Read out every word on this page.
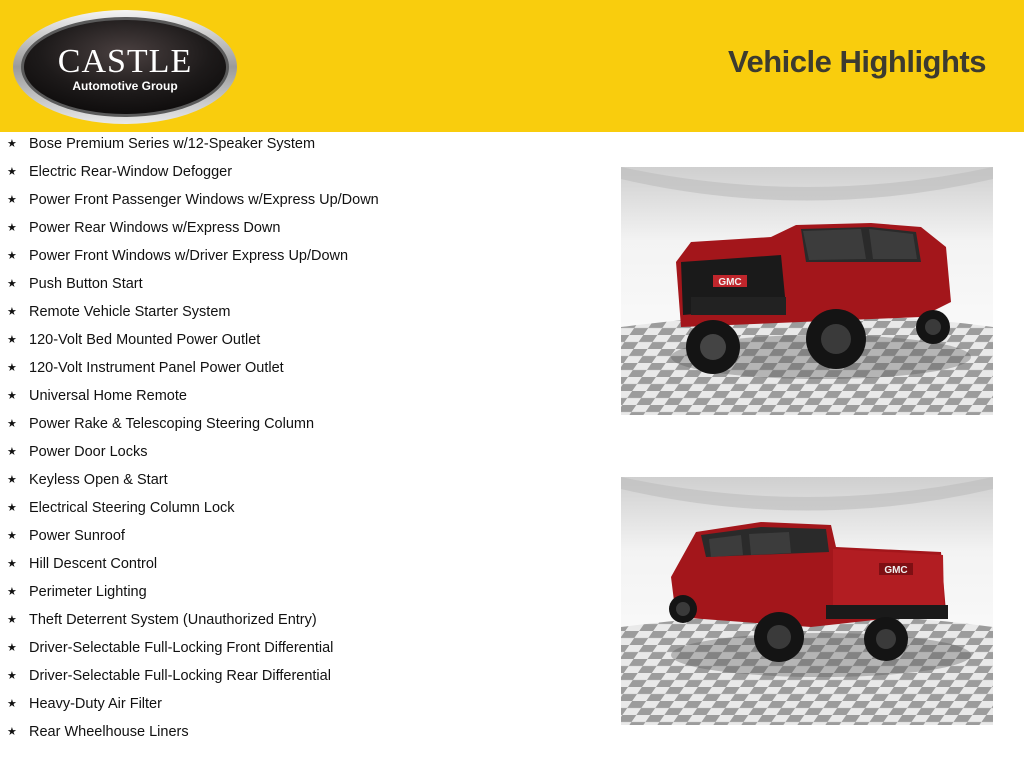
CASTLE
Automotive Group
Vehicle Highlights
★ Bose Premium Series w/12-Speaker System
★ Electric Rear-Window Defogger
★ Power Front Passenger Windows w/Express Up/Down
★ Power Rear Windows w/Express Down
★ Power Front Windows w/Driver Express Up/Down
★ Push Button Start
★ Remote Vehicle Starter System
★ 120-Volt Bed Mounted Power Outlet
★ 120-Volt Instrument Panel Power Outlet
★ Universal Home Remote
★ Power Rake & Telescoping Steering Column
★ Power Door Locks
★ Keyless Open & Start
★ Electrical Steering Column Lock
★ Power Sunroof
★ Hill Descent Control
★ Perimeter Lighting
★ Theft Deterrent System (Unauthorized Entry)
★ Driver-Selectable Full-Locking Front Differential
★ Driver-Selectable Full-Locking Rear Differential
★ Heavy-Duty Air Filter
★ Rear Wheelhouse Liners
GMC
GMC
